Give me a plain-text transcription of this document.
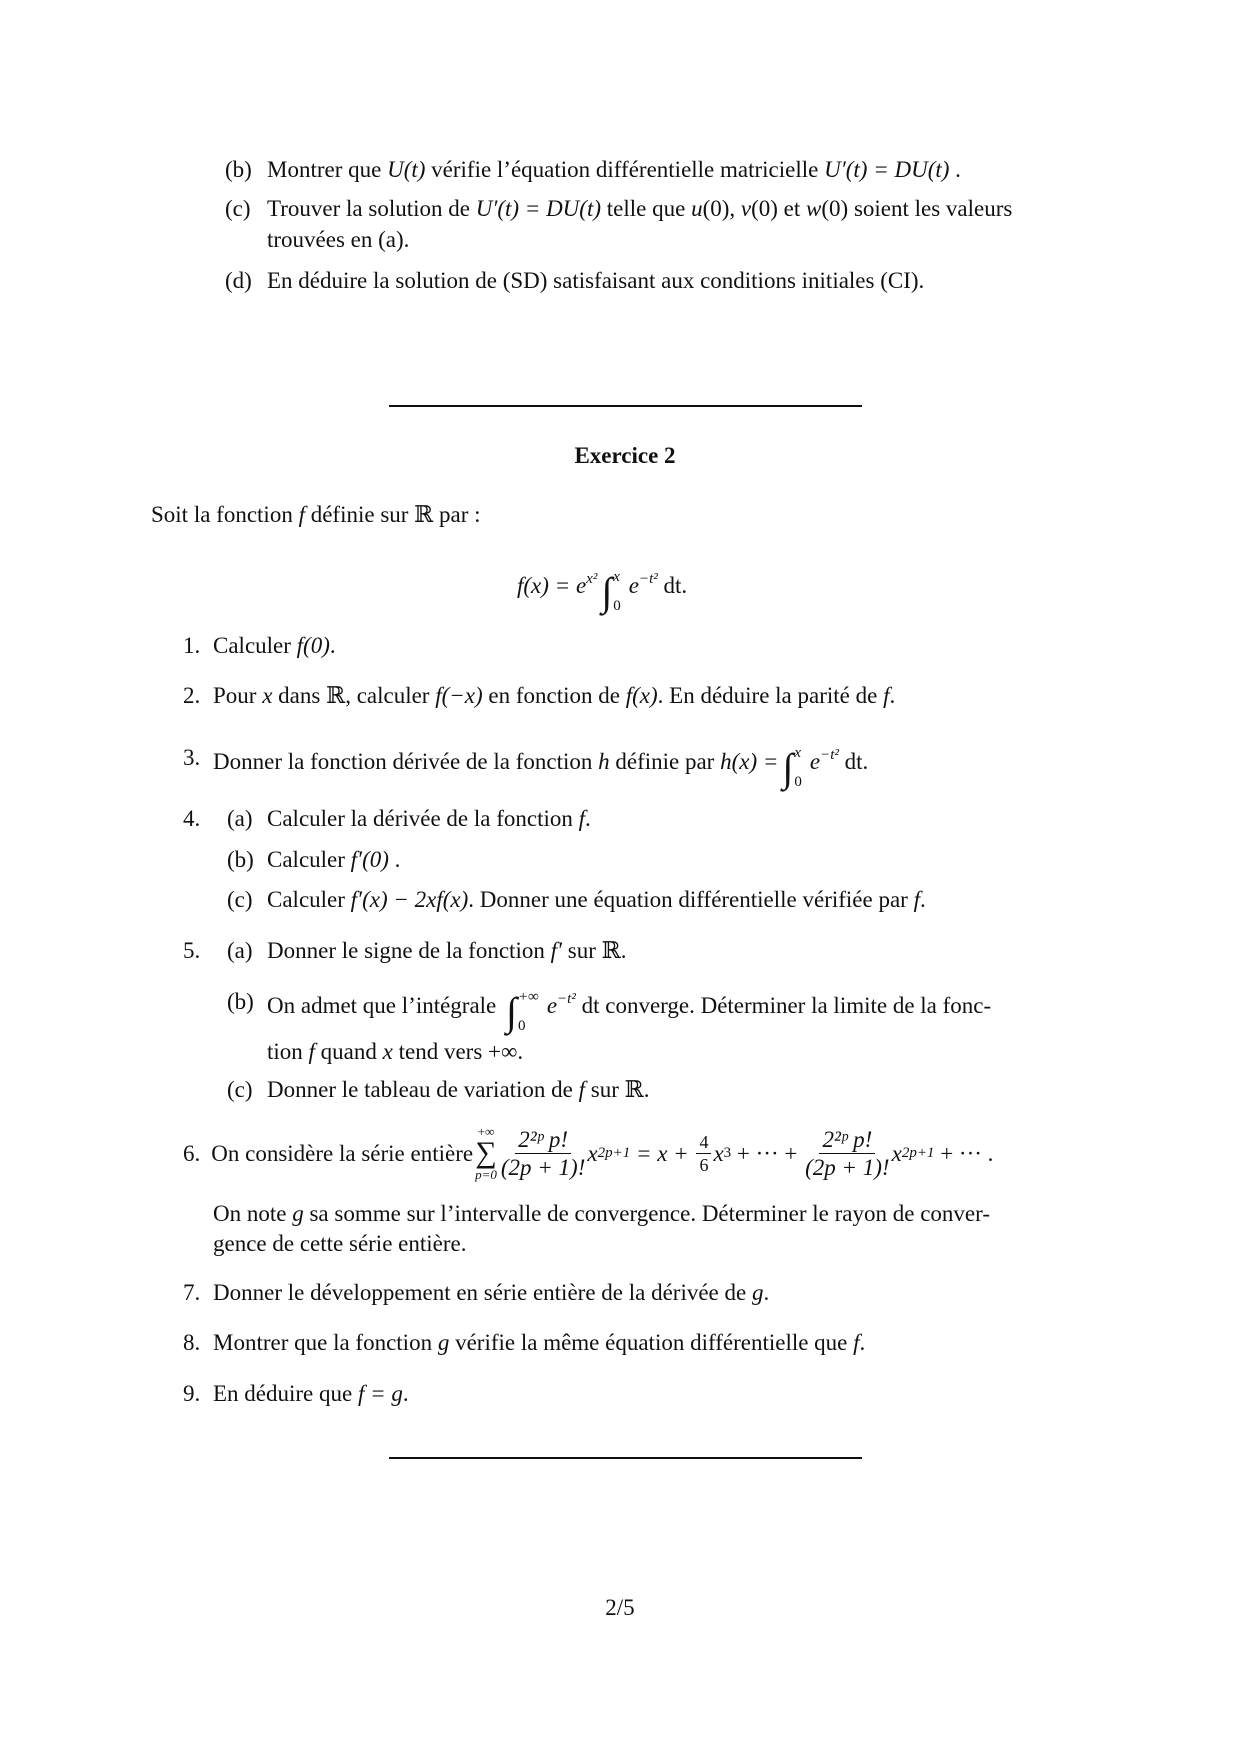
(b) Montrer que U(t) vérifie l’équation différentielle matricielle U′(t) = DU(t) .
(c) Trouver la solution de U′(t) = DU(t) telle que u(0), v(0) et w(0) soient les valeurs
trouvées en (a).
(d) En déduire la solution de (SD) satisfaisant aux conditions initiales (CI).
Exercice 2
Soit la fonction f définie sur ℝ par :
$f(x) = e^{x^2}$ ∫ x
0
$e^{-t^2}$ dt.
1. Calculer f(0).
2. Pour x dans ℝ, calculer f(−x) en fonction de f(x). En déduire la parité de f.
3. Donner la fonction dérivée de la fonction h définie par h(x) = ∫ x
0
$e^{-t^2}$ dt.
4. (a) Calculer la dérivée de la fonction f.
(b) Calculer f′(0) .
(c) Calculer f′(x) − 2xf(x). Donner une équation différentielle vérifiée par f.
5. (a) Donner le signe de la fonction f′ sur ℝ.
(b) On admet que l’intégrale ∫ +∞
0
$e^{-t^2}$ dt converge. Déterminer la limite de la fonc-
tion f quand x tend vers +∞.
(c) Donner le tableau de variation de f sur ℝ.
6. On considère la série entière
+∞
∑
$p=0 \frac{\text{2²ᵖ p!}}{(2p + 1)!}$ x $2p+1 = x + \frac{4}{6}$ x 3 + ··· + $\frac{\text{2²ᵖ p!}}{(2p + 1)!}$ x 2p+1 + ··· .
On note g sa somme sur l’intervalle de convergence. Déterminer le rayon de conver-
gence de cette série entière.
7. Donner le développement en série entière de la dérivée de g.
8. Montrer que la fonction g vérifie la même équation différentielle que f.
9. En déduire que f = g.
2/5
